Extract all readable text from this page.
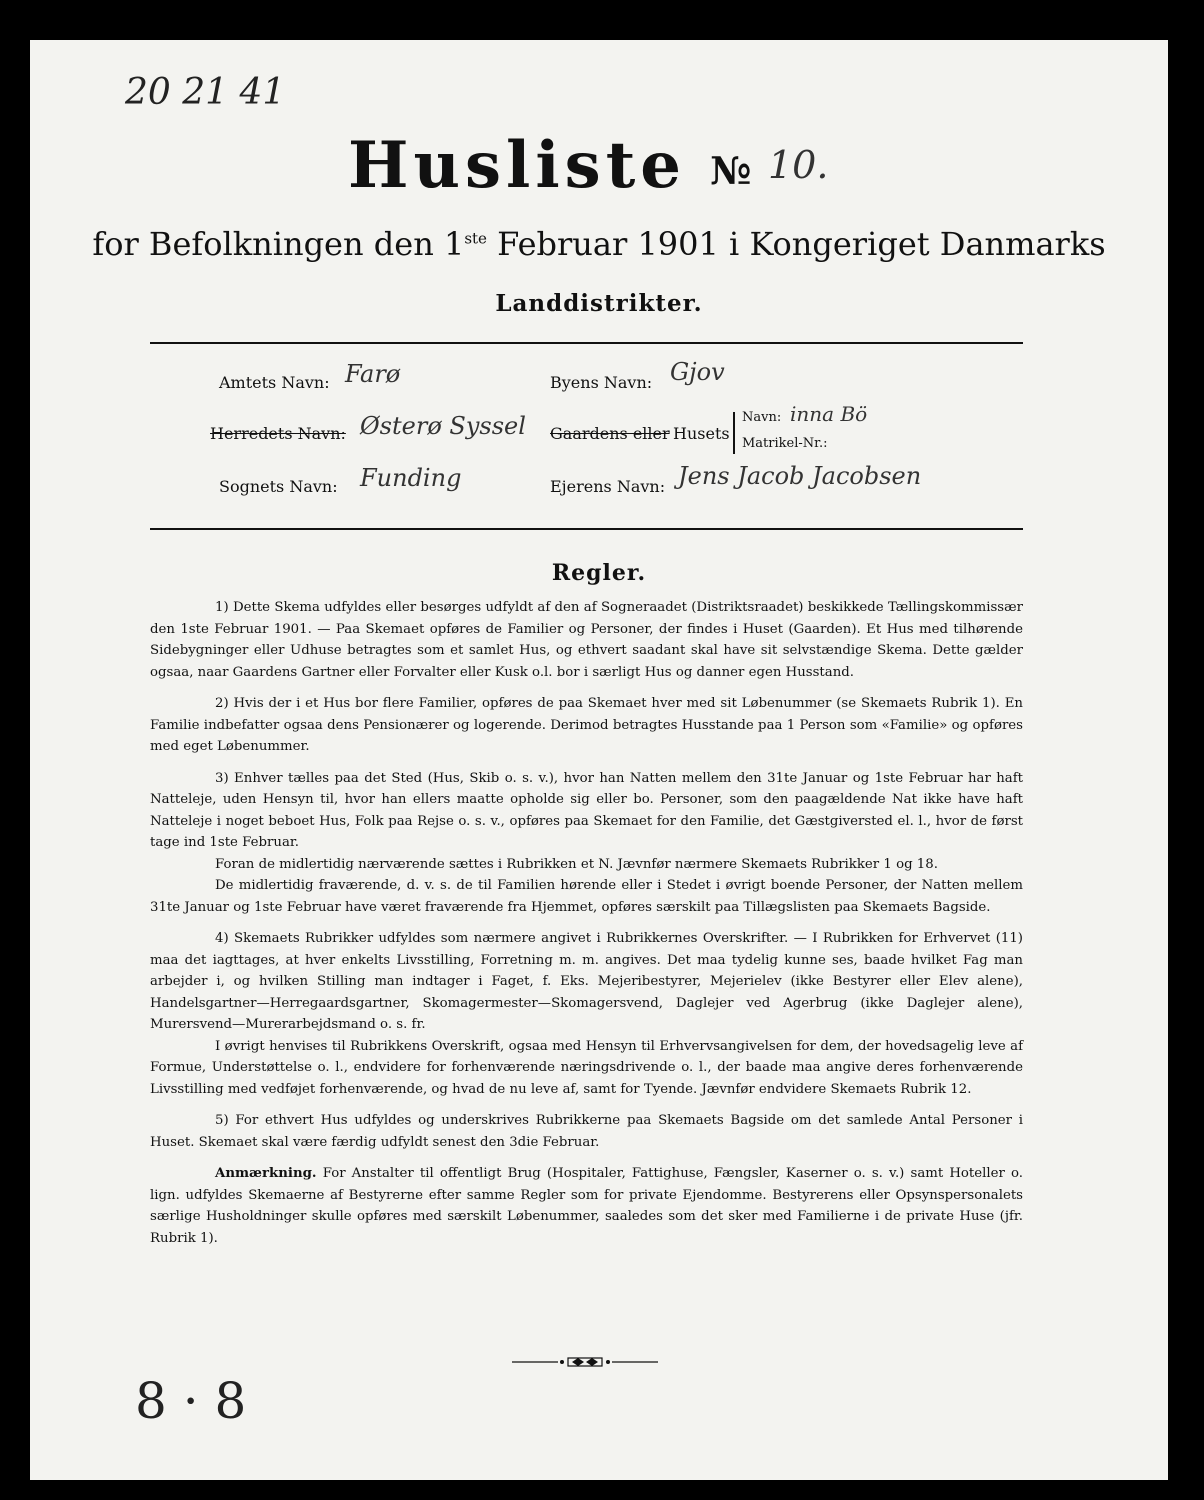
20 21 41
Husliste № 10.
for Befolkningen den 1ste Februar 1901 i Kongeriget Danmarks
Landdistrikter.
Amtets Navn: Farø
Herredets Navn: Østerø Syssel
Sognets Navn: Funding
Byens Navn: Gjov
Gaardens eller Husets
Navn: inna Bö
Matrikel-Nr.:
Ejerens Navn: Jens Jacob Jacobsen
Regler.

1) Dette Skema udfyldes eller besørges udfyldt af den af Sogneraadet (Distriktsraadet) beskikkede Tællingskommissær den 1ste Februar 1901. — Paa Skemaet opføres de Familier og Personer, der findes i Huset (Gaarden). Et Hus med tilhørende Sidebygninger eller Udhuse betragtes som et samlet Hus, og ethvert saadant skal have sit selvstændige Skema. Dette gælder ogsaa, naar Gaardens Gartner eller Forvalter eller Kusk o.l. bor i særligt Hus og danner egen Husstand.

2) Hvis der i et Hus bor flere Familier, opføres de paa Skemaet hver med sit Løbenummer (se Skemaets Rubrik 1). En Familie indbefatter ogsaa dens Pensionærer og logerende. Derimod betragtes Husstande paa 1 Person som «Familie» og opføres med eget Løbenummer.

3) Enhver tælles paa det Sted (Hus, Skib o. s. v.), hvor han Natten mellem den 31te Januar og 1ste Februar har haft Natteleje, uden Hensyn til, hvor han ellers maatte opholde sig eller bo. Personer, som den paagældende Nat ikke have haft Natteleje i noget beboet Hus, Folk paa Rejse o. s. v., opføres paa Skemaet for den Familie, det Gæstgiversted el. l., hvor de først tage ind 1ste Februar.

Foran de midlertidig nærværende sættes i Rubrikken et N. Jævnfør nærmere Skemaets Rubrikker 1 og 18.

De midlertidig fraværende, d. v. s. de til Familien hørende eller i Stedet i øvrigt boende Personer, der Natten mellem 31te Januar og 1ste Februar have været fraværende fra Hjemmet, opføres særskilt paa Tillægslisten paa Skemaets Bagside.

4) Skemaets Rubrikker udfyldes som nærmere angivet i Rubrikkernes Overskrifter. — I Rubrikken for Erhvervet (11) maa det iagttages, at hver enkelts Livsstilling, Forretning m. m. angives. Det maa tydelig kunne ses, baade hvilket Fag man arbejder i, og hvilken Stilling man indtager i Faget, f. Eks. Mejeribestyrer, Mejerielev (ikke Bestyrer eller Elev alene), Handelsgartner—Herregaardsgartner, Skomagermester—Skomagersvend, Daglejer ved Agerbrug (ikke Daglejer alene), Murersvend—Murerarbejdsmand o. s. fr.

I øvrigt henvises til Rubrikkens Overskrift, ogsaa med Hensyn til Erhvervsangivelsen for dem, der hovedsagelig leve af Formue, Understøttelse o. l., endvidere for forhenværende næringsdrivende o. l., der baade maa angive deres forhenværende Livsstilling med vedføjet forhenværende, og hvad de nu leve af, samt for Tyende. Jævnfør endvidere Skemaets Rubrik 12.

5) For ethvert Hus udfyldes og underskrives Rubrikkerne paa Skemaets Bagside om det samlede Antal Personer i Huset. Skemaet skal være færdig udfyldt senest den 3die Februar.

Anmærkning. For Anstalter til offentligt Brug (Hospitaler, Fattighuse, Fængsler, Kaserner o. s. v.) samt Hoteller o. lign. udfyldes Skemaerne af Bestyrerne efter samme Regler som for private Ejendomme. Bestyrerens eller Opsynspersonalets særlige Husholdninger skulle opføres med særskilt Løbenummer, saaledes som det sker med Familierne i de private Huse (jfr. Rubrik 1).

8 · 8
